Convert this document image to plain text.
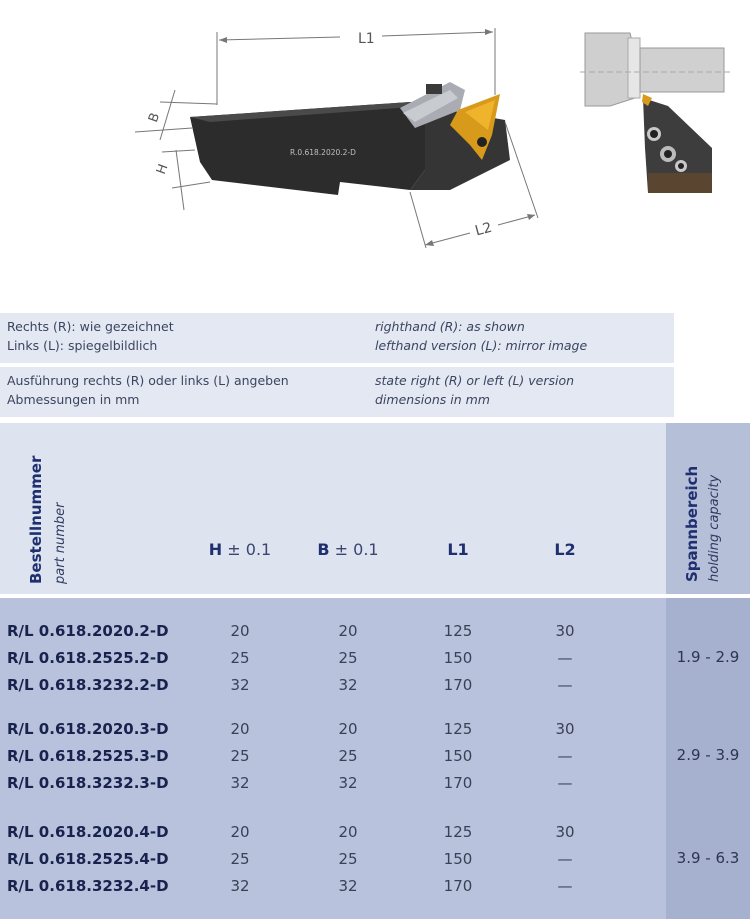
L1
R.0.618.2020.2-D
B
H
L2
Rechts (R): wie gezeichnet
Links (L): spiegelbildlich
righthand (R): as shown
lefthand version (L): mirror image
Ausführung rechts (R) oder links (L) angeben
Abmessungen in mm
state right (R) or left (L) version
dimensions in mm
Bestellnummer part number	H ± 0.1	B ± 0.1	L1	L2	Spannbereich holding capacity
R/L 0.618.2020.2-D	20	20	125	30
R/L 0.618.2525.2-D	25	25	150	—
R/L 0.618.3232.2-D	32	32	170	—
1.9 - 2.9
R/L 0.618.2020.3-D	20	20	125	30
R/L 0.618.2525.3-D	25	25	150	—
R/L 0.618.3232.3-D	32	32	170	—
2.9 - 3.9
R/L 0.618.2020.4-D	20	20	125	30
R/L 0.618.2525.4-D	25	25	150	—
R/L 0.618.3232.4-D	32	32	170	—
3.9 - 6.3
